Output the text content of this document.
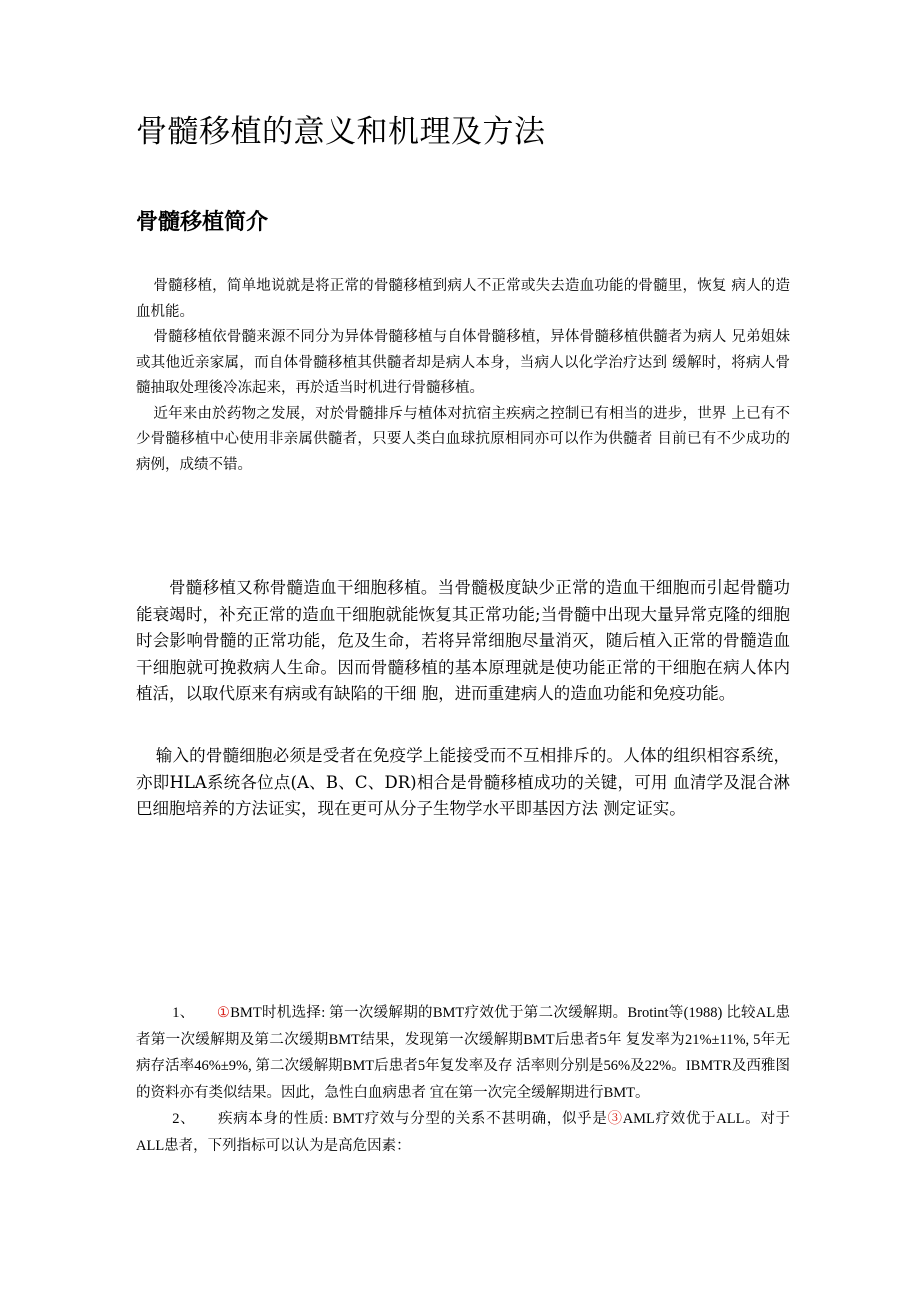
骨髓移植的意义和机理及方法
骨髓移植简介

骨髓移植，简单地说就是将正常的骨髓移植到病人不正常或失去造血功能的骨髓里，恢复 病人的造血机能。

骨髓移植依骨髓来源不同分为异体骨髓移植与自体骨髓移植，异体骨髓移植供髓者为病人 兄弟姐妹或其他近亲家属，而自体骨髓移植其供髓者却是病人本身，当病人以化学治疗达到 缓解时，将病人骨髓抽取处理後冷冻起来，再於适当时机进行骨髓移植。

近年来由於药物之发展，对於骨髓排斥与植体对抗宿主疾病之控制已有相当的进步，世界 上已有不少骨髓移植中心使用非亲属供髓者，只要人类白血球抗原相同亦可以作为供髓者 目前已有不少成功的病例，成绩不错。

骨髓移植又称骨髓造血干细胞移植。当骨髓极度缺少正常的造血干细胞而引起骨髓功能衰竭时，补充正常的造血干细胞就能恢复其正常功能;当骨髓中出现大量异常克隆的细胞时会影响骨髓的正常功能，危及生命，若将异常细胞尽量消灭，随后植入正常的骨髓造血干细胞就可挽救病人生命。因而骨髓移植的基本原理就是使功能正常的干细胞在病人体内植活，以取代原来有病或有缺陷的干细 胞，进而重建病人的造血功能和免疫功能。

输入的骨髓细胞必须是受者在免疫学上能接受而不互相排斥的。人体的组织相容系统，亦即HLA系统各位点(A、B、C、DR)相合是骨髓移植成功的关键，可用 血清学及混合淋巴细胞培养的方法证实，现在更可从分子生物学水平即基因方法 测定证实。

1、 ①BMT时机选择: 第一次缓解期的BMT疗效优于第二次缓解期。Brotint等(1988) 比较AL患者第一次缓解期及第二次缓期BMT结果，发现第一次缓解期BMT后患者5年 复发率为21%±11%, 5年无病存活率46%±9%, 第二次缓解期BMT后患者5年复发率及存 活率则分别是56%及22%。IBMTR及西雅图的资料亦有类似结果。因此，急性白血病患者 宜在第一次完全缓解期进行BMT。

2、 疾病本身的性质: BMT疗效与分型的关系不甚明确，似乎是③AML疗效优于ALL。对于ALL患者，下列指标可以认为是高危因素：
